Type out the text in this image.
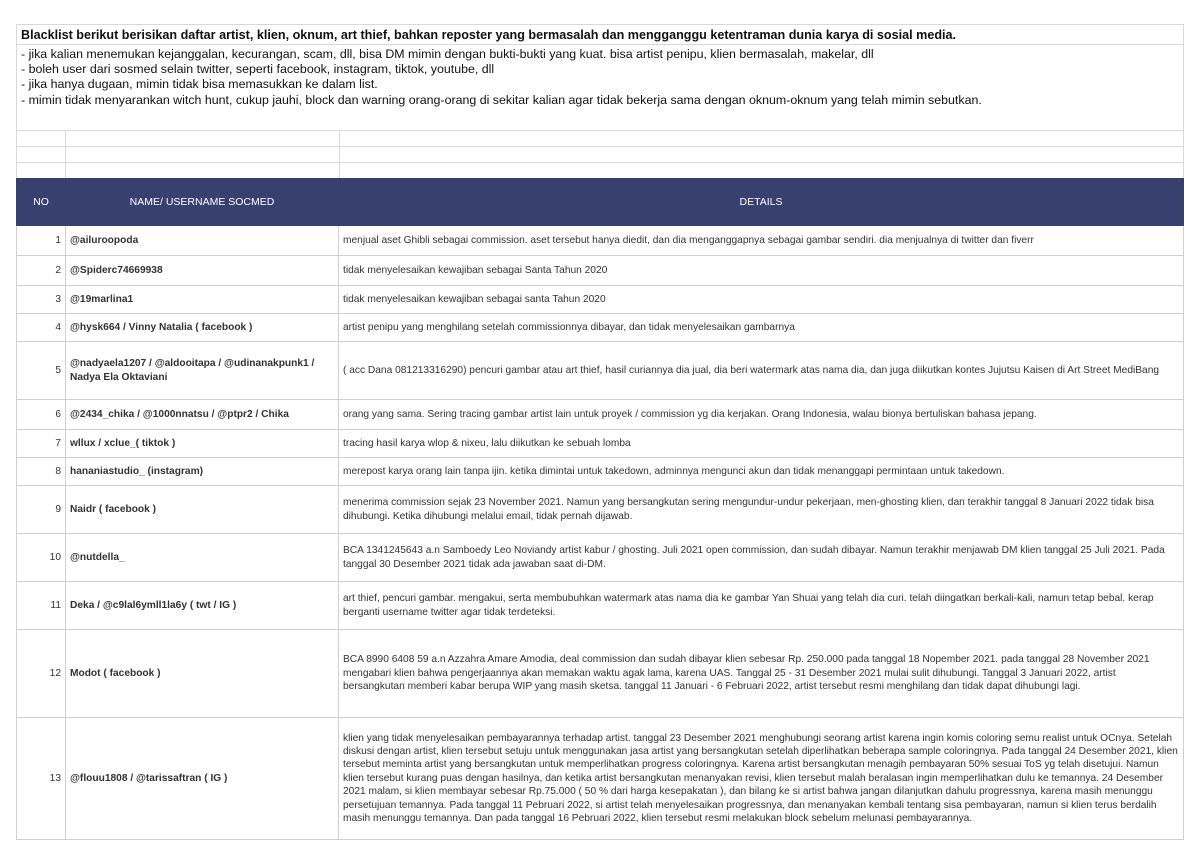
Blacklist berikut berisikan daftar artist, klien, oknum, art thief, bahkan reposter yang bermasalah dan mengganggu ketentraman dunia karya di sosial media.
- jika kalian menemukan kejanggalan, kecurangan, scam, dll, bisa DM mimin dengan bukti-bukti yang kuat. bisa artist penipu, klien bermasalah, makelar, dll
- boleh user dari sosmed selain twitter, seperti facebook, instagram, tiktok, youtube, dll
- jika hanya dugaan, mimin tidak bisa memasukkan ke dalam list.
- mimin tidak menyarankan witch hunt, cukup jauhi, block dan warning orang-orang di sekitar kalian agar tidak bekerja sama dengan oknum-oknum yang telah mimin sebutkan.
NO	NAME/ USERNAME SOCMED	DETAILS
1	@ailuroopoda	menjual aset Ghibli sebagai commission. aset tersebut hanya diedit, dan dia menganggapnya sebagai gambar sendiri. dia menjualnya di twitter dan fiverr
2	@Spiderc74669938	tidak menyelesaikan kewajiban sebagai Santa Tahun 2020
3	@19marlina1	tidak menyelesaikan kewajiban sebagai santa Tahun 2020
4	@hysk664 / Vinny Natalia ( facebook )	artist penipu yang menghilang setelah commissionnya dibayar, dan tidak menyelesaikan gambarnya
5	@nadyaela1207 / @aldooitapa / @udinanakpunk1 / Nadya Ela Oktaviani	( acc Dana 081213316290) pencuri gambar atau art thief, hasil curiannya dia jual, dia beri watermark atas nama dia, dan juga diikutkan kontes Jujutsu Kaisen di Art Street MediBang
6	@2434_chika / @1000nnatsu / @ptpr2 / Chika	orang yang sama. Sering tracing gambar artist lain untuk proyek / commission yg dia kerjakan. Orang Indonesia, walau bionya bertuliskan bahasa jepang.
7	wllux / xclue_( tiktok )	tracing hasil karya wlop & nixeu, lalu diikutkan ke sebuah lomba
8	hananiastudio_ (instagram)	merepost karya orang lain tanpa ijin. ketika dimintai untuk takedown, adminnya mengunci akun dan tidak menanggapi permintaan untuk takedown.
9	Naidr ( facebook )	menerima commission sejak 23 November 2021. Namun yang bersangkutan sering mengundur-undur pekerjaan, men-ghosting klien, dan terakhir tanggal 8 Januari 2022 tidak bisa dihubungi. Ketika dihubungi melalui email, tidak pernah dijawab.
10	@nutdella_	BCA 1341245643 a.n Samboedy Leo Noviandy artist kabur / ghosting. Juli 2021 open commission, dan sudah dibayar. Namun terakhir menjawab DM klien tanggal 25 Juli 2021. Pada tanggal 30 Desember 2021 tidak ada jawaban saat di-DM.
11	Deka / @c9lal6ymll1la6y ( twt / IG )	art thief, pencuri gambar. mengakui, serta membubuhkan watermark atas nama dia ke gambar Yan Shuai yang telah dia curi. telah diingatkan berkali-kali, namun tetap bebal. kerap berganti username twitter agar tidak terdeteksi.
12	Modot ( facebook )	BCA 8990 6408 59 a.n Azzahra Amare Amodia, deal commission dan sudah dibayar klien sebesar Rp. 250.000 pada tanggal 18 Nopember 2021. pada tanggal 28 November 2021 mengabari klien bahwa pengerjaannya akan memakan waktu agak lama, karena UAS. Tanggal 25 - 31 Desember 2021 mulai sulit dihubungi. Tanggal 3 Januari 2022, artist bersangkutan memberi kabar berupa WIP yang masih sketsa. tanggal 11 Januari - 6 Februari 2022, artist tersebut resmi menghilang dan tidak dapat dihubungi lagi.
13	@flouu1808 / @tarissaftran ( IG )	klien yang tidak menyelesaikan pembayarannya terhadap artist. tanggal 23 Desember 2021 menghubungi seorang artist karena ingin komis coloring semu realist untuk OCnya. Setelah diskusi dengan artist, klien tersebut setuju untuk menggunakan jasa artist yang bersangkutan setelah diperlihatkan beberapa sample coloringnya. Pada tanggal 24 Desember 2021, klien tersebut meminta artist yang bersangkutan untuk memperlihatkan progress coloringnya. Karena artist bersangkutan menagih pembayaran 50% sesuai ToS yg telah disetujui. Namun klien tersebut kurang puas dengan hasilnya, dan ketika artist bersangkutan menanyakan revisi, klien tersebut malah beralasan ingin memperlihatkan dulu ke temannya. 24 Desember 2021 malam, si klien membayar sebesar Rp.75.000 ( 50 % dari harga kesepakatan ), dan bilang ke si artist bahwa jangan dilanjutkan dahulu progressnya, karena masih menunggu persetujuan temannya. Pada tanggal 11 Pebruari 2022, si artist telah menyelesaikan progressnya, dan menanyakan kembali tentang sisa pembayaran, namun si klien terus berdalih masih menunggu temannya. Dan pada tanggal 16 Pebruari 2022, klien tersebut resmi melakukan block sebelum melunasi pembayarannya.
